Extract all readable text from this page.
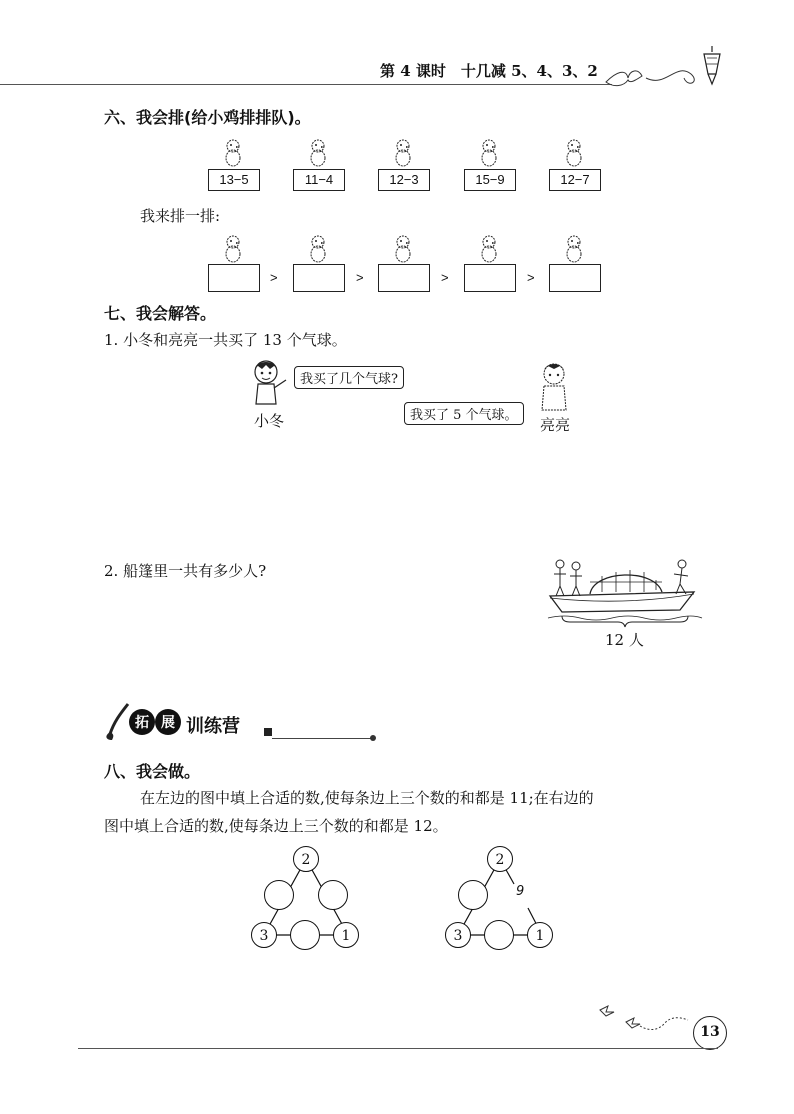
第 4 课时　十几减 5、4、3、2
六、我会排(给小鸡排排队)。
13−5	11−4	12−3	15−9	12−7
我来排一排:
>	>	>	>
七、我会解答。
1. 小冬和亮亮一共买了 13 个气球。
我买了几个气球?
小冬	我买了 5 个气球。
亮亮
2. 船篷里一共有多少人?
12 人
拓 展 训练营
八、我会做。
在左边的图中填上合适的数,使每条边上三个数的和都是 11;在右边的
图中填上合适的数,使每条边上三个数的和都是 12。
2
3	1
2
9
3	1
13
